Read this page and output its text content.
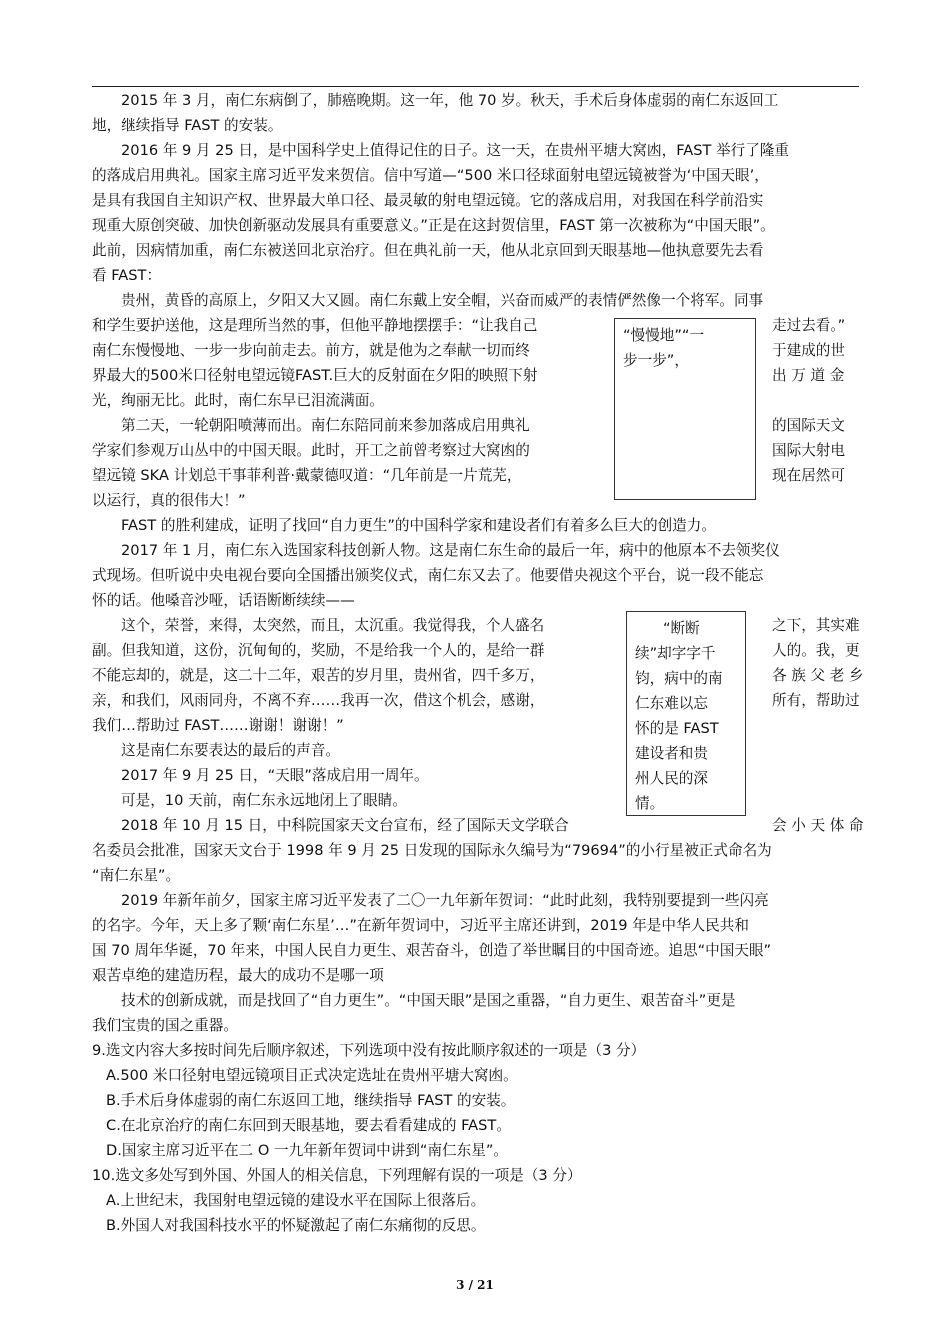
2015 年 3 月，南仁东病倒了，肺癌晚期。这一年，他 70 岁。秋天，手术后身体虚弱的南仁东返回工
地，继续指导 FAST 的安装。
2016 年 9 月 25 日，是中国科学史上值得记住的日子。这一天，在贵州平塘大窝凼，FAST 举行了隆重
的落成启用典礼。国家主席习近平发来贺信。信中写道—“500 米口径球面射电望远镜被誉为‘中国天眼’，
是具有我国自主知识产权、世界最大单口径、最灵敏的射电望远镜。它的落成启用，对我国在科学前沿实
现重大原创突破、加快创新驱动发展具有重要意义。”正是在这封贺信里，FAST 第一次被称为“中国天眼”。
此前，因病情加重，南仁东被送回北京治疗。但在典礼前一天，他从北京回到天眼基地—他执意要先去看
看 FAST：
贵州，黄昏的高原上，夕阳又大又圆。南仁东戴上安全帽，兴奋而威严的表情俨然像一个将军。同事
和学生要护送他，这是理所当然的事，但他平静地摆摆手：“让我自己
南仁东慢慢地、一步一步向前走去。前方，就是他为之奉献一切而终
界最大的500米口径射电望远镜FAST.巨大的反射面在夕阳的映照下射
光，绚丽无比。此时，南仁东早已泪流满面。
走过去看。”
于建成的世
出 万 道 金
第二天，一轮朝阳喷薄而出。南仁东陪同前来参加落成启用典礼
学家们参观万山丛中的中国天眼。此时，开工之前曾考察过大窝凼的
望远镜 SKA 计划总干事菲利普·戴蒙德叹道：“几年前是一片荒芜，
以运行，真的很伟大！”
的国际天文
国际大射电
现在居然可
“慢慢地”“一
步一步”，
FAST 的胜利建成，证明了找回“自力更生”的中国科学家和建设者们有着多么巨大的创造力。
2017 年 1 月，南仁东入选国家科技创新人物。这是南仁东生命的最后一年，病中的他原本不去领奖仪
式现场。但听说中央电视台要向全国播出颁奖仪式，南仁东又去了。他要借央视这个平台，说一段不能忘
怀的话。他嗓音沙哑，话语断断续续——
这个，荣誉，来得，太突然，而且，太沉重。我觉得我，个人盛名
副。但我知道，这份，沉甸甸的，奖励，不是给我一个人的，是给一群
不能忘却的，就是，这二十二年，艰苦的岁月里，贵州省，四千多万，
亲，和我们，风雨同舟，不离不弃……我再一次，借这个机会，感谢，
我们…帮助过 FAST……谢谢！谢谢！”
之下，其实难
人的。我，更
各 族 父 老 乡
所有，帮助过
这是南仁东要表达的最后的声音。
2017 年 9 月 25 日，“天眼”落成启用一周年。
可是，10 天前，南仁东永远地闭上了眼睛。
“断断
续”却字字千
钧，病中的南
仁东难以忘
怀的是 FAST
建设者和贵
州人民的深
情。
2018 年 10 月 15 日，中科院国家天文台宣布，经了国际天文学联合	会 小 天 体 命
名委员会批准，国家天文台于 1998 年 9 月 25 日发现的国际永久编号为“79694”的小行星被正式命名为
“南仁东星”。
2019 年新年前夕，国家主席习近平发表了二〇一九年新年贺词：“此时此刻，我特别要提到一些闪亮
的名字。今年，天上多了颗‘南仁东星’…”在新年贺词中，习近平主席还讲到，2019 年是中华人民共和
国 70 周年华诞，70 年来，中国人民自力更生、艰苦奋斗，创造了举世瞩目的中国奇迹。追思“中国天眼”
艰苦卓绝的建造历程，最大的成功不是哪一项
技术的创新成就，而是找回了“自力更生”。“中国天眼”是国之重器，“自力更生、艰苦奋斗”更是
我们宝贵的国之重器。
9.选文内容大多按时间先后顺序叙述，下列选项中没有按此顺序叙述的一项是（3 分）
A.500 米口径射电望远镜项目正式决定选址在贵州平塘大窝凼。
B.手术后身体虚弱的南仁东返回工地，继续指导 FAST 的安装。
C.在北京治疗的南仁东回到天眼基地，要去看看建成的 FAST。
D.国家主席习近平在二 O 一九年新年贺词中讲到“南仁东星”。
10.选文多处写到外国、外国人的相关信息，下列理解有误的一项是（3 分）
A.上世纪末，我国射电望远镜的建设水平在国际上很落后。
B.外国人对我国科技水平的怀疑激起了南仁东痛彻的反思。
3 / 21
